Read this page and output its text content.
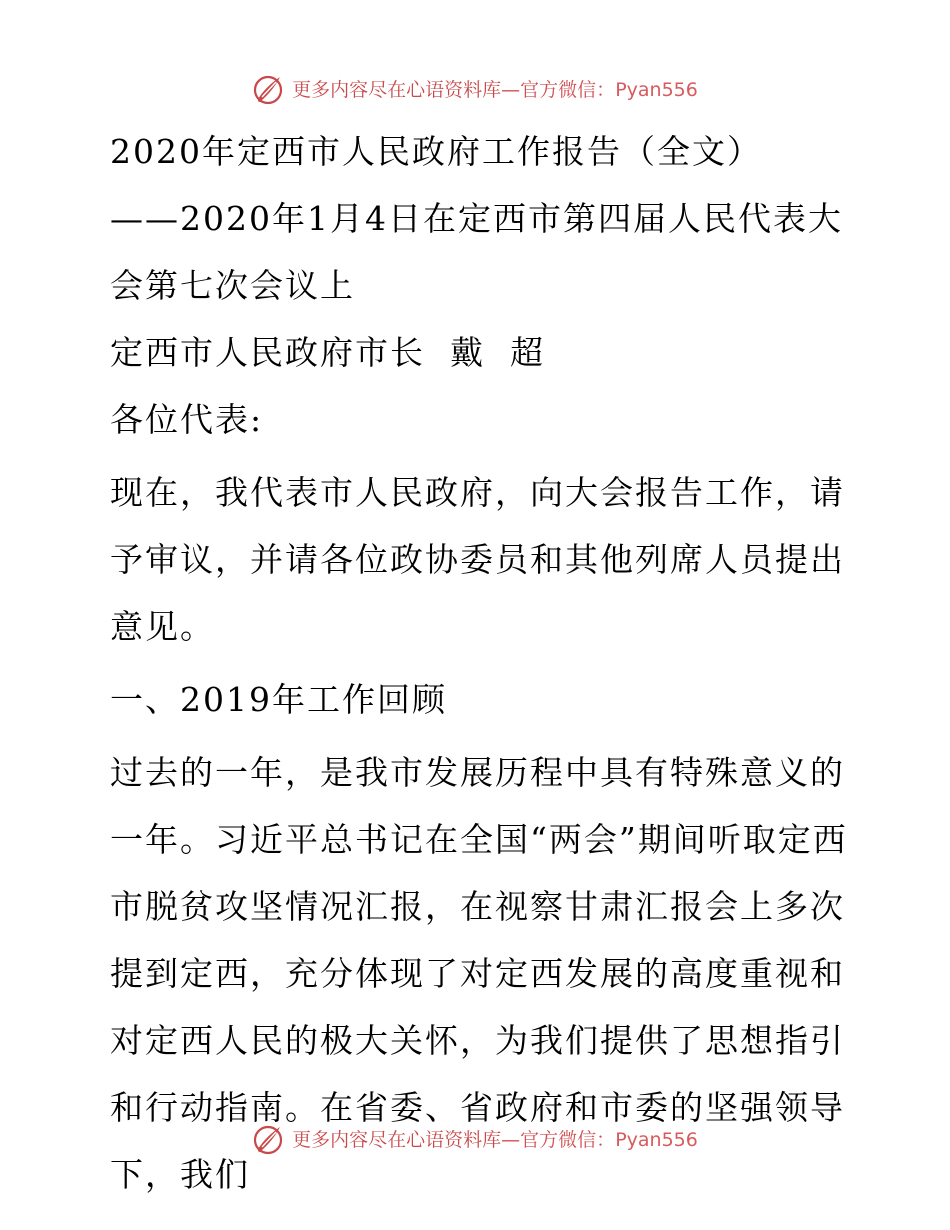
更多内容尽在心语资料库—官方微信：Pyan556

2020年定西市人民政府工作报告（全文）

——2020年1月4日在定西市第四届人民代表大会第七次会议上

定西市人民政府市长  戴  超

各位代表:

现在，我代表市人民政府，向大会报告工作，请予审议，并请各位政协委员和其他列席人员提出意见。

一、2019年工作回顾

过去的一年，是我市发展历程中具有特殊意义的一年。习近平总书记在全国“两会”期间听取定西市脱贫攻坚情况汇报，在视察甘肃汇报会上多次提到定西，充分体现了对定西发展的高度重视和对定西人民的极大关怀，为我们提供了思想指引和行动指南。在省委、省政府和市委的坚强领导下，我们

更多内容尽在心语资料库—官方微信：Pyan556
